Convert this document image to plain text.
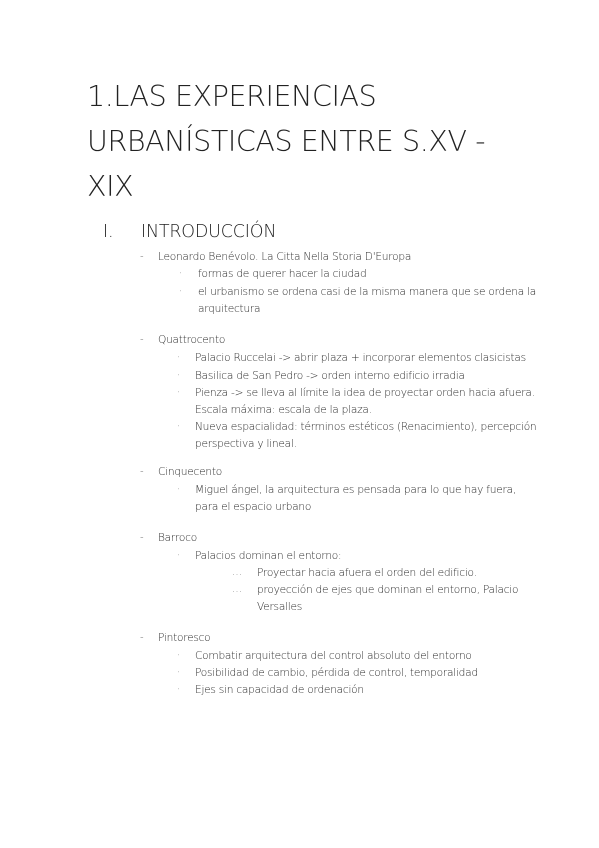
1.LAS EXPERIENCIAS
URBANÍSTICAS ENTRE S.XV -
XIX
I. INTRODUCCIÓN
- Leonardo Benévolo. La Citta Nella Storia D'Europa
· formas de querer hacer la ciudad
· el urbanismo se ordena casi de la misma manera que se ordena la
arquitectura
- Quattrocento
· Palacio Ruccelai -> abrir plaza + incorporar elementos clasicistas
· Basilica de San Pedro -> orden interno edificio irradia
· Pienza -> se lleva al límite la idea de proyectar orden hacia afuera.
Escala máxima: escala de la plaza.
· Nueva espacialidad: términos estéticos (Renacimiento), percepción
perspectiva y lineal.
- Cinquecento
· Miguel ángel, la arquitectura es pensada para lo que hay fuera,
para el espacio urbano
- Barroco
· Palacios dominan el entorno:
… Proyectar hacia afuera el orden del edificio.
… proyección de ejes que dominan el entorno, Palacio
Versalles
- Pintoresco
· Combatir arquitectura del control absoluto del entorno
· Posibilidad de cambio, pérdida de control, temporalidad
· Ejes sin capacidad de ordenación
